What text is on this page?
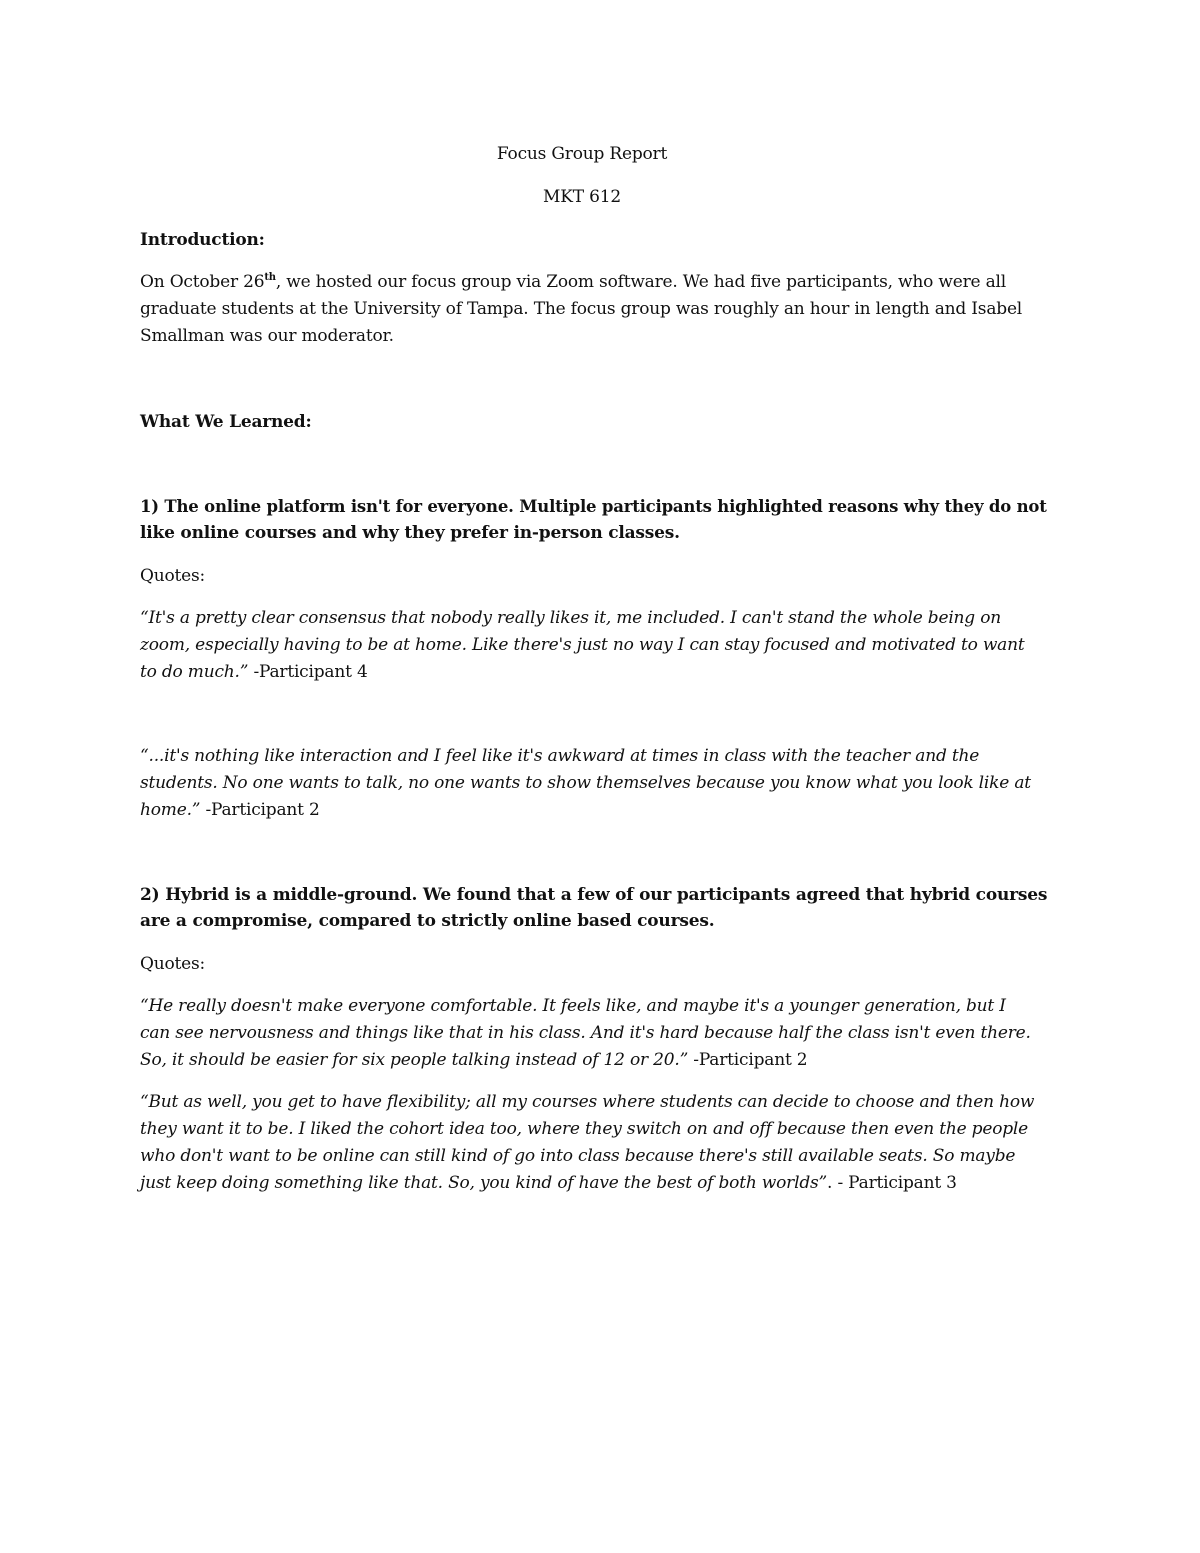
Focus Group Report
MKT 612
Introduction:
On October 26th, we hosted our focus group via Zoom software. We had five participants, who were all
graduate students at the University of Tampa. The focus group was roughly an hour in length and Isabel
Smallman was our moderator.
What We Learned:
1) The online platform isn't for everyone. Multiple participants highlighted reasons why they do not
like online courses and why they prefer in-person classes.
Quotes:
“It's a pretty clear consensus that nobody really likes it, me included. I can't stand the whole being on
zoom, especially having to be at home. Like there's just no way I can stay focused and motivated to want
to do much.” -Participant 4
“...it's nothing like interaction and I feel like it's awkward at times in class with the teacher and the
students. No one wants to talk, no one wants to show themselves because you know what you look like at
home.” -Participant 2
2) Hybrid is a middle-ground. We found that a few of our participants agreed that hybrid courses
are a compromise, compared to strictly online based courses.
Quotes:
“He really doesn't make everyone comfortable. It feels like, and maybe it's a younger generation, but I
can see nervousness and things like that in his class. And it's hard because half the class isn't even there.
So, it should be easier for six people talking instead of 12 or 20.” -Participant 2
“But as well, you get to have flexibility; all my courses where students can decide to choose and then how
they want it to be. I liked the cohort idea too, where they switch on and off because then even the people
who don't want to be online can still kind of go into class because there's still available seats. So maybe
just keep doing something like that. So, you kind of have the best of both worlds”. - Participant 3
